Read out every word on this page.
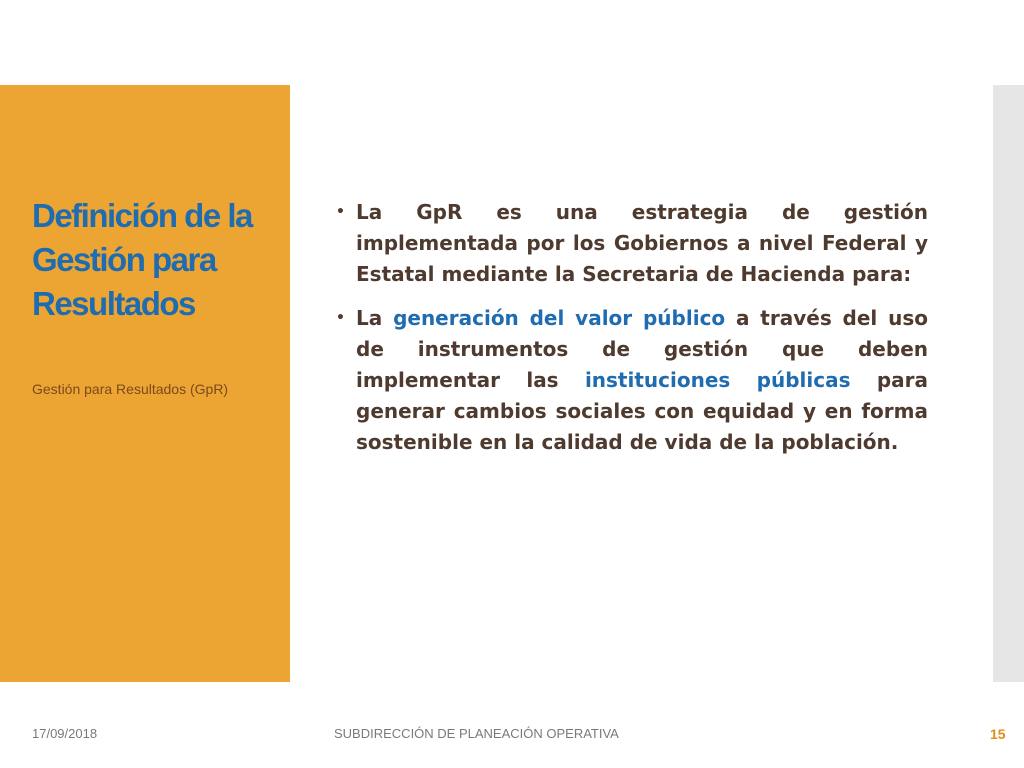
Definición de la Gestión para Resultados

Gestión para Resultados (GpR)

• La GpR es una estrategia de gestión implementada por los Gobiernos a nivel Federal y Estatal mediante la Secretaria de Hacienda para:

• La generación del valor público a través del uso de instrumentos de gestión que deben implementar las instituciones públicas para generar cambios sociales con equidad y en forma sostenible en la calidad de vida de la población.

17/09/2018	SUBDIRECCIÓN DE PLANEACIÓN OPERATIVA	15
